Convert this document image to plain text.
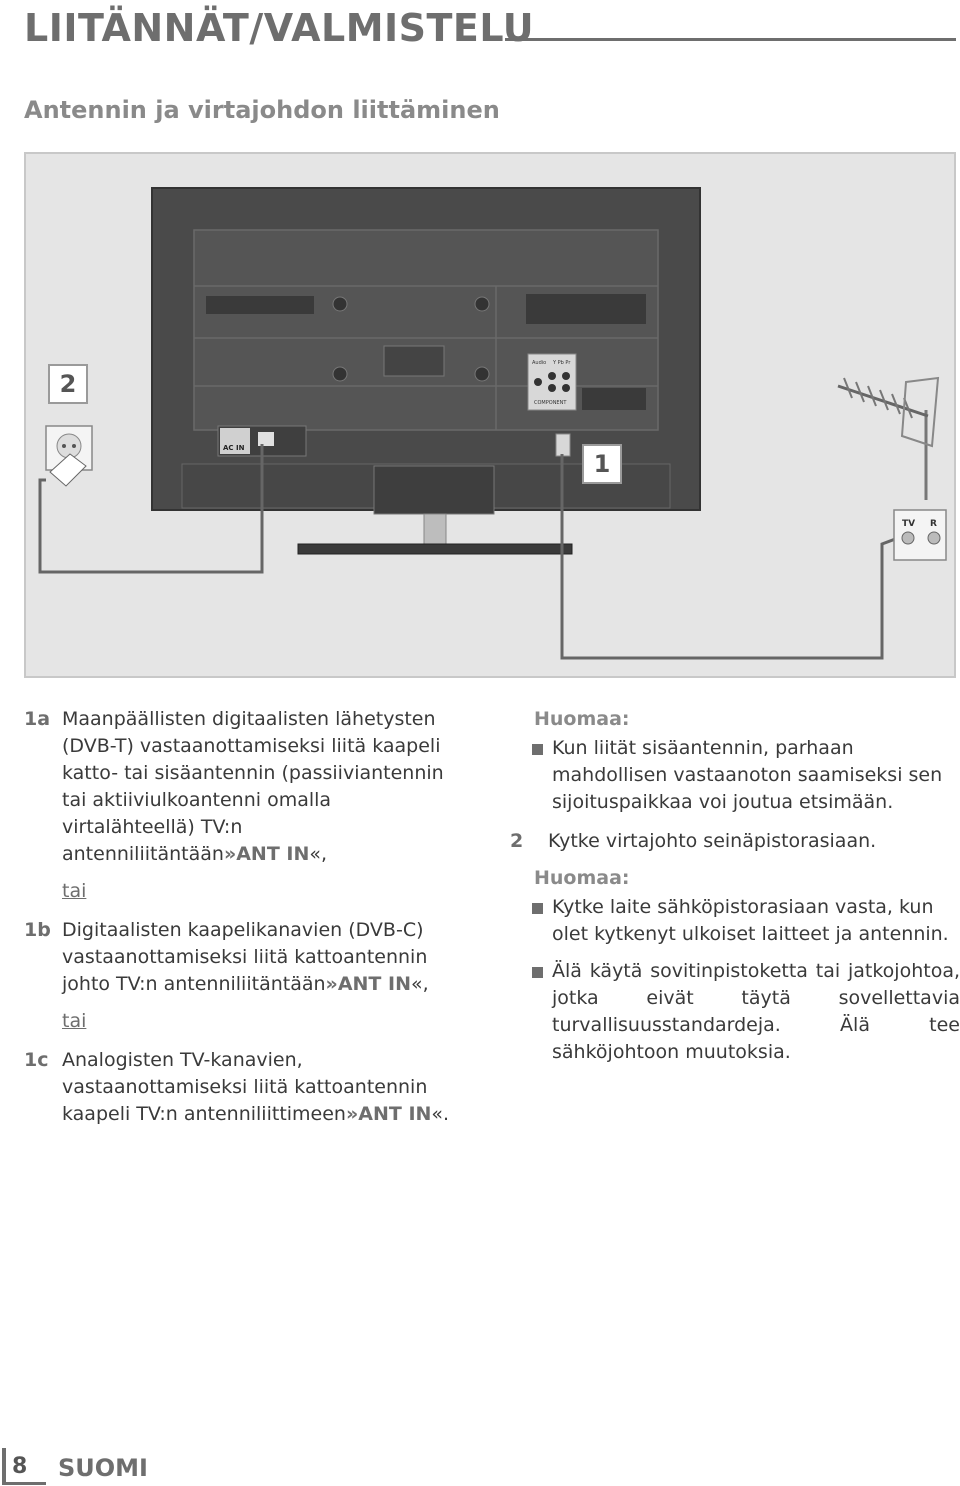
LIITÄNNÄT/VALMISTELU
Antennin ja virtajohdon liittäminen
Audio Y Pb Pr
COMPONENT
AC IN
TV R
2
1

1a Maanpäällisten digitaalisten lähetysten (DVB-T) vastaanottamiseksi liitä kaapeli katto- tai sisäantennin (passiiviantennin tai aktiiviulkoantenni omalla virtalähteellä) TV:n antenniliitäntään»ANT IN«,

tai

1b Digitaalisten kaapelikanavien (DVB-C) vastaanottamiseksi liitä kattoantennin johto TV:n antenniliitäntään»ANT IN«,

tai

1c Analogisten TV-kanavien, vastaanottamiseksi liitä kattoantennin kaapeli TV:n antenniliittimeen»ANT IN«.

Huomaa:

Kun liität sisäantennin, parhaan mahdollisen vastaanoton saamiseksi sen sijoituspaikkaa voi joutua etsimään.

2 Kytke virtajohto seinäpistorasiaan.

Huomaa:

Kytke laite sähköpistorasiaan vasta, kun olet kytkenyt ulkoiset laitteet ja antennin.

Älä käytä sovitinpistoketta tai jatkojohtoa, jotka eivät täytä sovellettavia turvallisuusstandardeja. Älä tee sähköjohtoon muutoksia.

8 SUOMI
